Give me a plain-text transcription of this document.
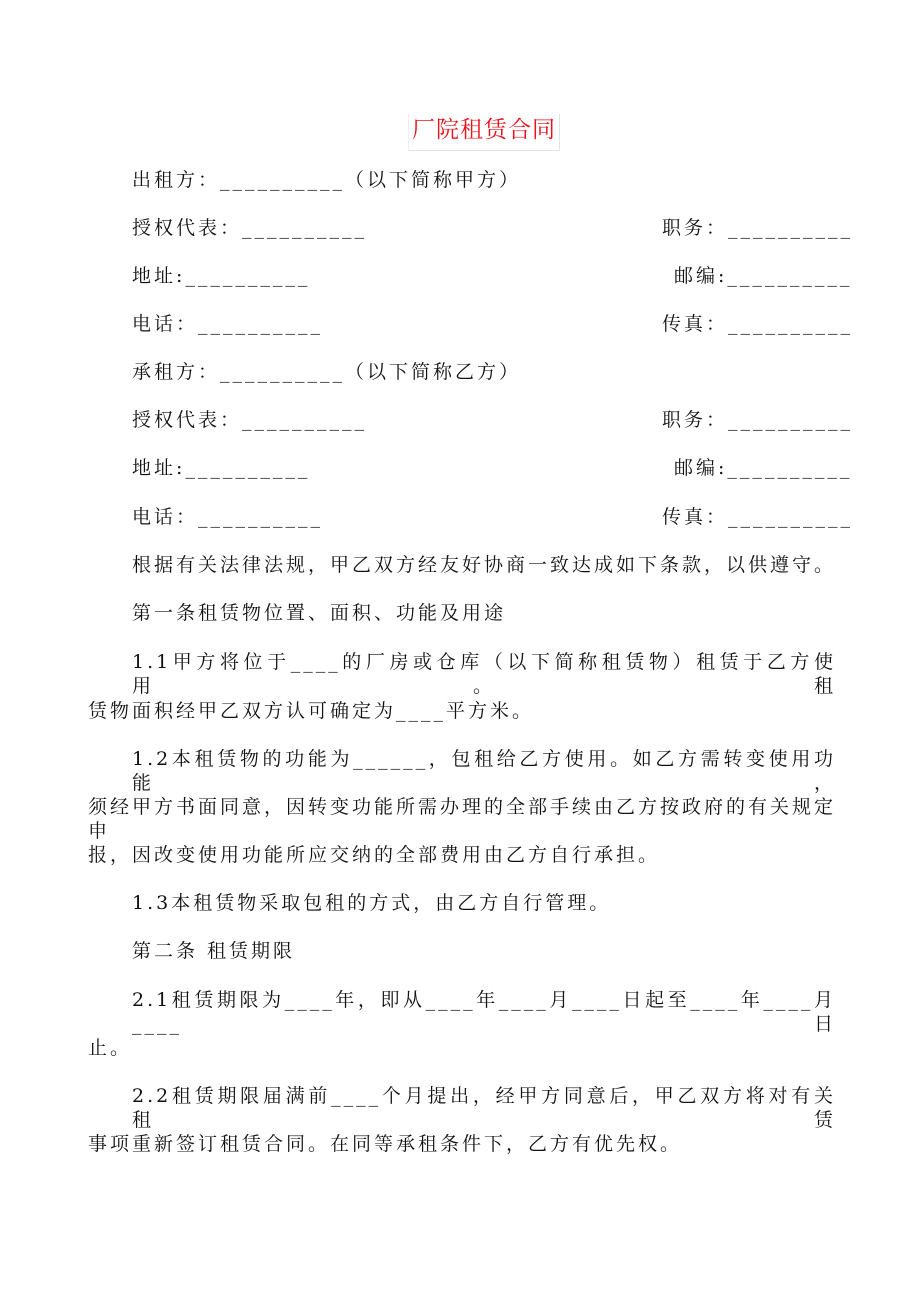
厂院租赁合同
出租方：__________（以下简称甲方）
授权代表：__________	职务：__________
地址:__________	邮编:__________
电话：__________	传真：__________
承租方：__________（以下简称乙方）
授权代表：__________	职务：__________
地址:__________	邮编:__________
电话：__________	传真：__________
根据有关法律法规，甲乙双方经友好协商一致达成如下条款，以供遵守。
第一条租赁物位置、面积、功能及用途
1.1甲方将位于____的厂房或仓库（以下简称租赁物）租赁于乙方使用。租
赁物面积经甲乙双方认可确定为____平方米。
1.2本租赁物的功能为______，包租给乙方使用。如乙方需转变使用功能，
须经甲方书面同意，因转变功能所需办理的全部手续由乙方按政府的有关规定申
报，因改变使用功能所应交纳的全部费用由乙方自行承担。
1.3本租赁物采取包租的方式，由乙方自行管理。
第二条 租赁期限
2.1租赁期限为____年，即从____年____月____日起至____年____月____日
止。
2.2租赁期限届满前____个月提出，经甲方同意后，甲乙双方将对有关租赁
事项重新签订租赁合同。在同等承租条件下，乙方有优先权。
